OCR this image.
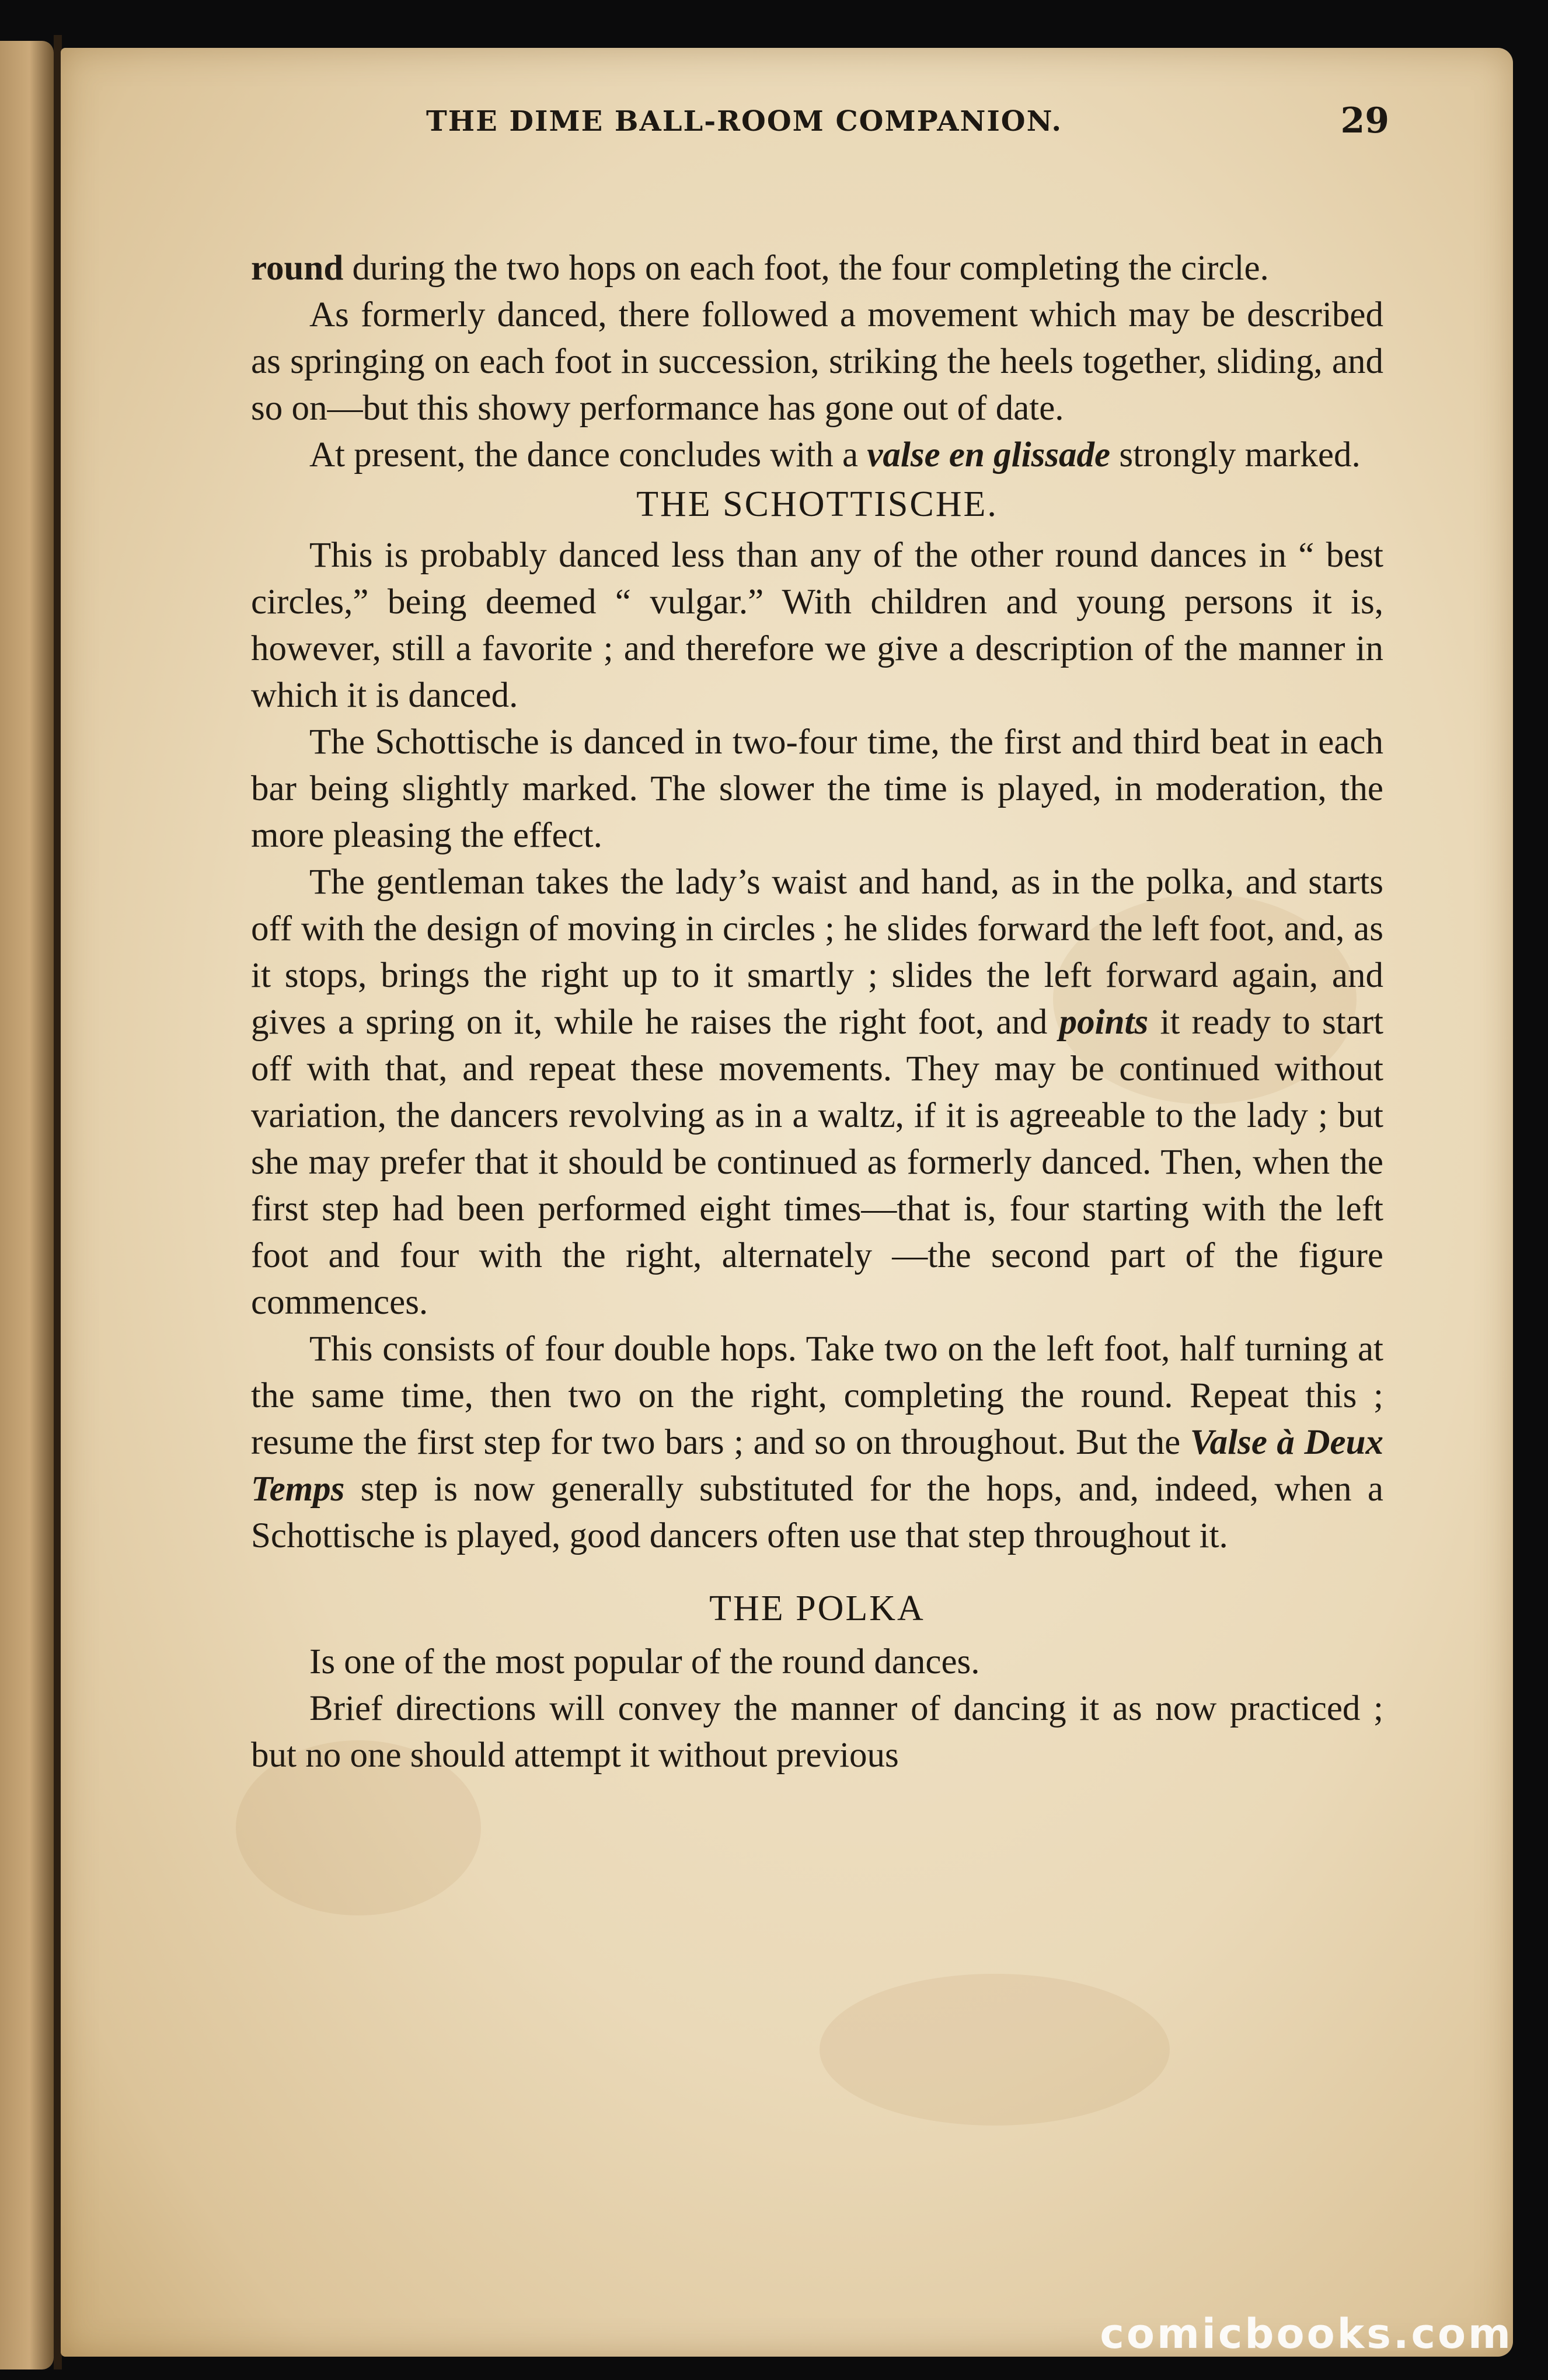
THE DIME BALL-ROOM COMPANION.	29

round during the two hops on each foot, the four completing the circle.

As formerly danced, there followed a movement which may be described as springing on each foot in succession, striking the heels together, sliding, and so on—but this showy performance has gone out of date.

At present, the dance concludes with a valse en glissade strongly marked.

THE SCHOTTISCHE.

This is probably danced less than any of the other round dances in “ best circles,” being deemed “ vulgar.” With children and young persons it is, however, still a favorite ; and therefore we give a description of the manner in which it is danced.

The Schottische is danced in two-four time, the first and third beat in each bar being slightly marked. The slower the time is played, in moderation, the more pleasing the effect.

The gentleman takes the lady’s waist and hand, as in the polka, and starts off with the design of moving in circles ; he slides forward the left foot, and, as it stops, brings the right up to it smartly ; slides the left forward again, and gives a spring on it, while he raises the right foot, and points it ready to start off with that, and repeat these movements. They may be continued without variation, the dancers revolving as in a waltz, if it is agreeable to the lady ; but she may prefer that it should be continued as formerly danced. Then, when the first step had been performed eight times—that is, four starting with the left foot and four with the right, alternately —the second part of the figure commences.

This consists of four double hops. Take two on the left foot, half turning at the same time, then two on the right, completing the round. Repeat this ; resume the first step for two bars ; and so on throughout. But the Valse à Deux Temps step is now generally substituted for the hops, and, indeed, when a Schottische is played, good dancers often use that step throughout it.

THE POLKA

Is one of the most popular of the round dances.

Brief directions will convey the manner of dancing it as now practiced ; but no one should attempt it without previous

comicbooks.com
